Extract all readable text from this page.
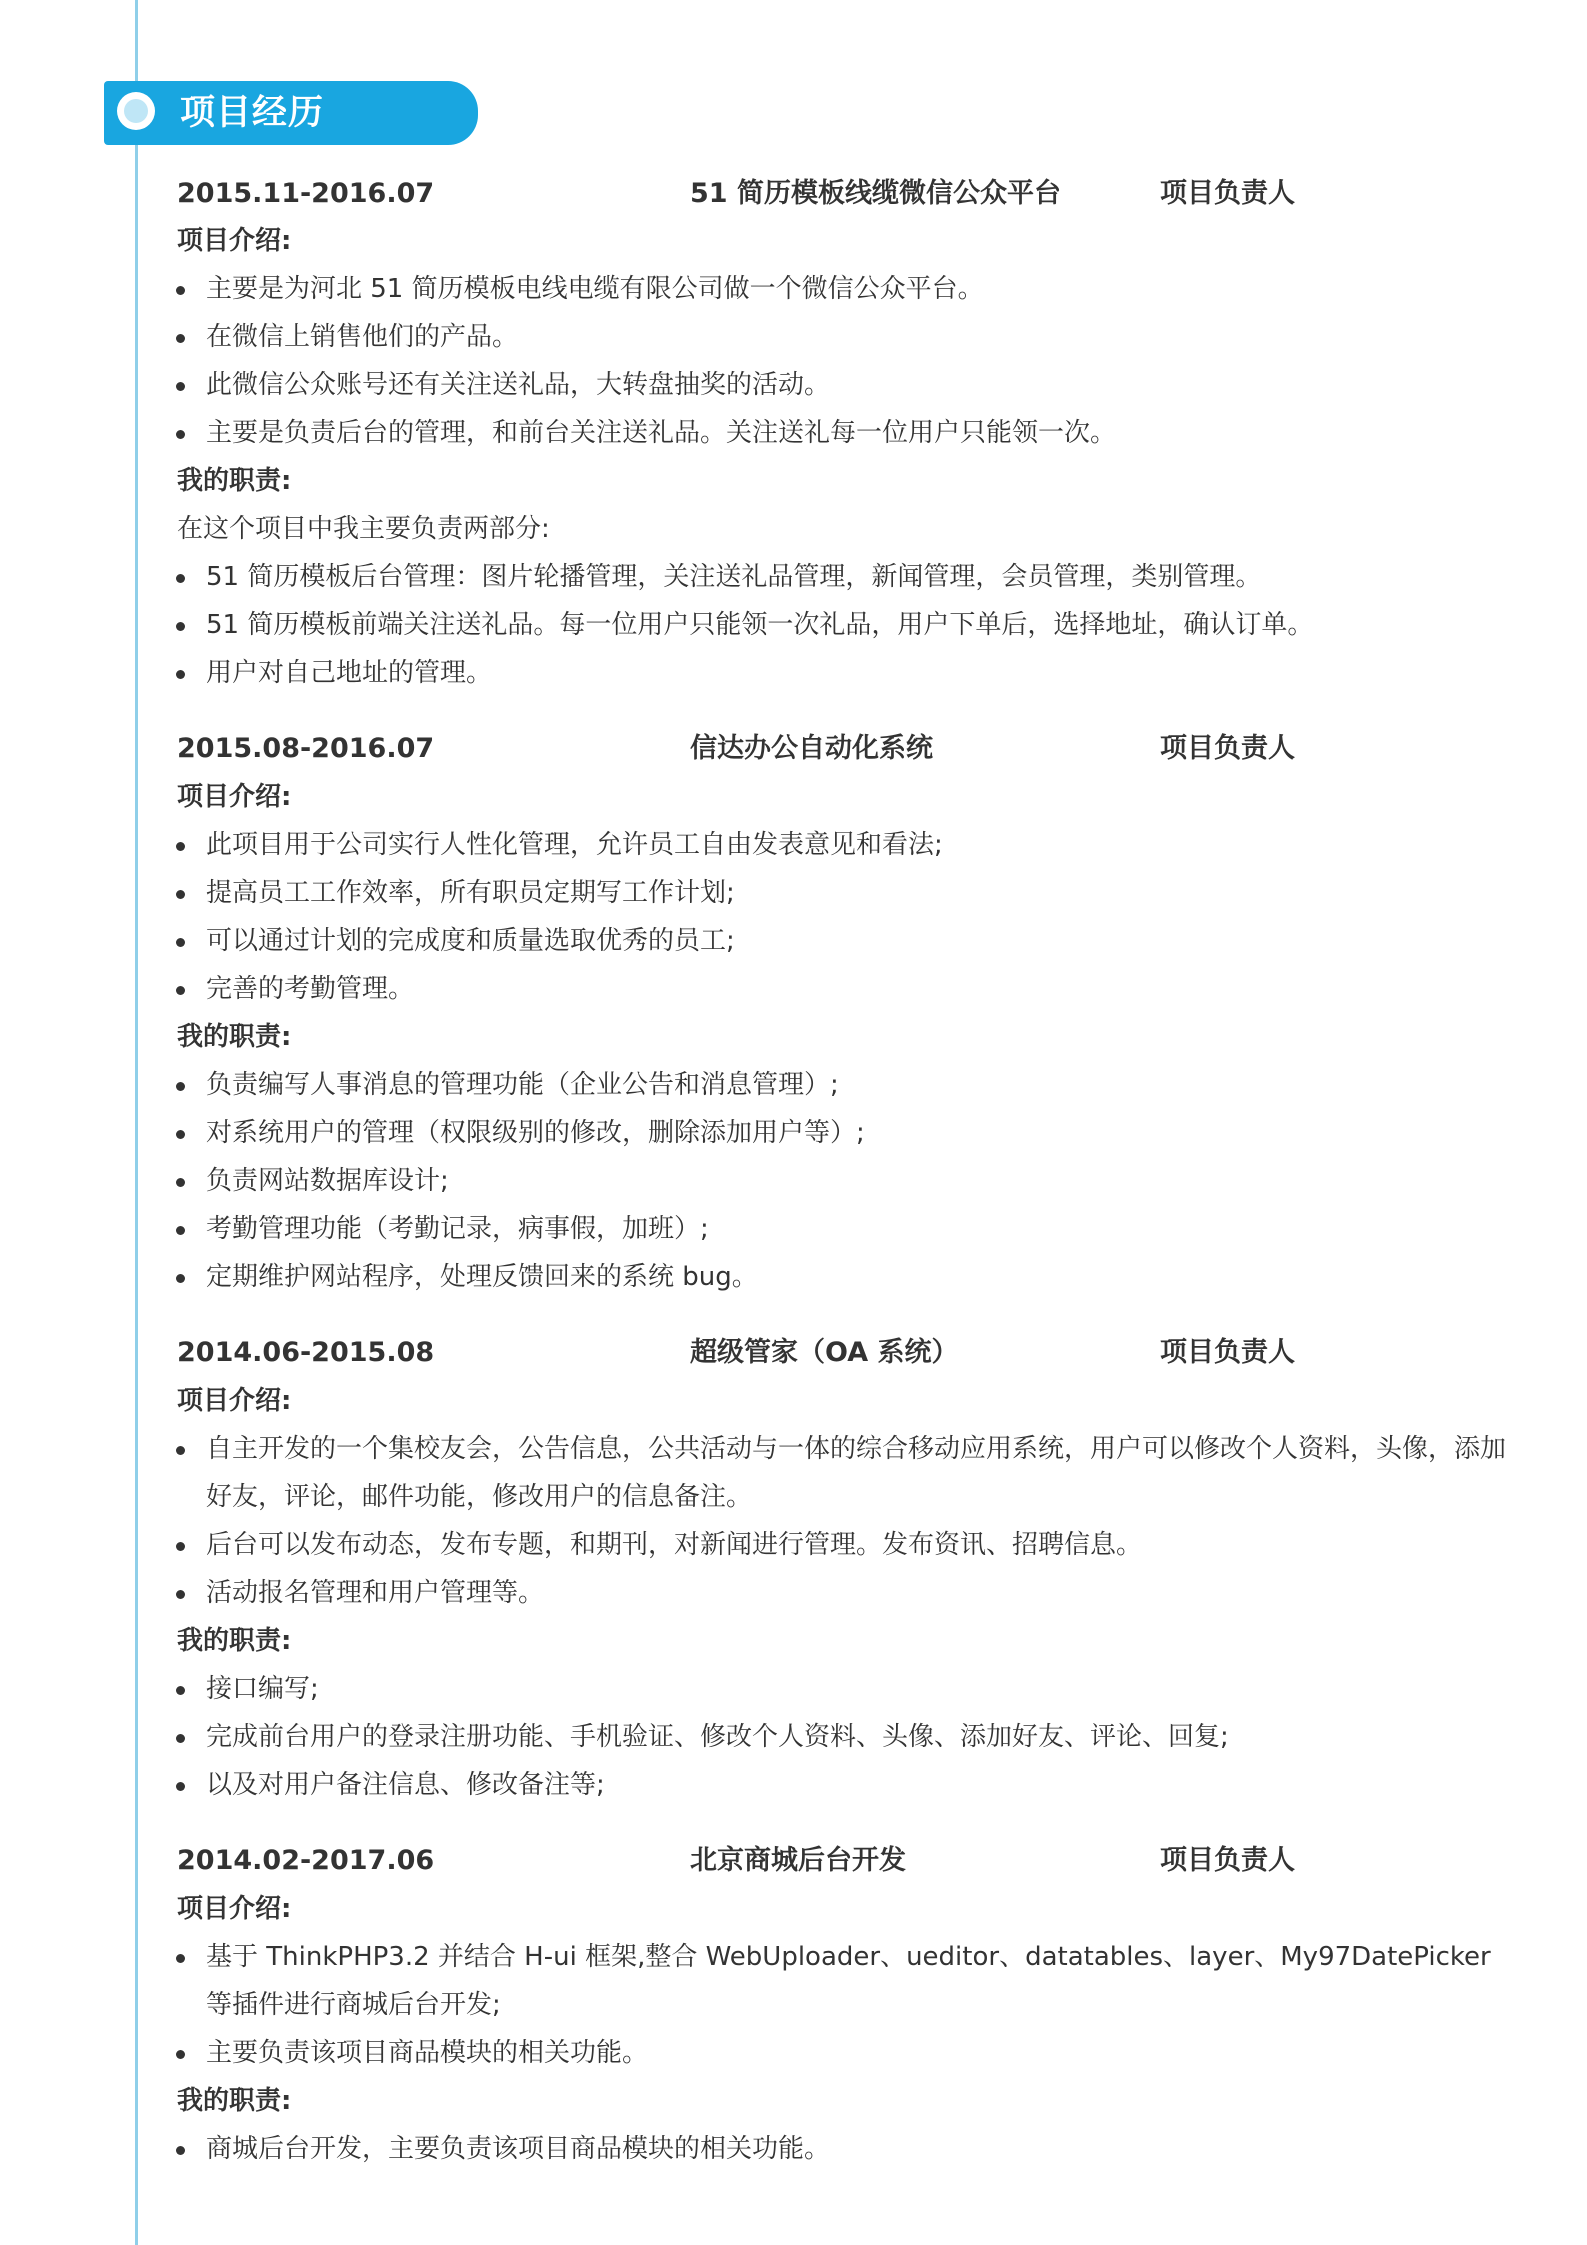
项目经历
2015.11-2016.07	51 简历模板线缆微信公众平台	项目负责人
项目介绍:
主要是为河北 51 简历模板电线电缆有限公司做一个微信公众平台。
在微信上销售他们的产品。
此微信公众账号还有关注送礼品，大转盘抽奖的活动。
主要是负责后台的管理，和前台关注送礼品。关注送礼每一位用户只能领一次。
我的职责:
在这个项目中我主要负责两部分:
51 简历模板后台管理：图片轮播管理，关注送礼品管理，新闻管理，会员管理，类别管理。
51 简历模板前端关注送礼品。每一位用户只能领一次礼品，用户下单后，选择地址，确认订单。
用户对自己地址的管理。
2015.08-2016.07	信达办公自动化系统	项目负责人
项目介绍:
此项目用于公司实行人性化管理，允许员工自由发表意见和看法;
提高员工工作效率，所有职员定期写工作计划;
可以通过计划的完成度和质量选取优秀的员工;
完善的考勤管理。
我的职责:
负责编写人事消息的管理功能（企业公告和消息管理）;
对系统用户的管理（权限级别的修改，删除添加用户等）;
负责网站数据库设计;
考勤管理功能（考勤记录，病事假，加班）;
定期维护网站程序，处理反馈回来的系统 bug。
2014.06-2015.08	超级管家（OA 系统）	项目负责人
项目介绍:
自主开发的一个集校友会，公告信息，公共活动与一体的综合移动应用系统，用户可以修改个人资料，头像，添加好友，评论，邮件功能，修改用户的信息备注。
后台可以发布动态，发布专题，和期刊，对新闻进行管理。发布资讯、招聘信息。
活动报名管理和用户管理等。
我的职责:
接口编写;
完成前台用户的登录注册功能、手机验证、修改个人资料、头像、添加好友、评论、回复;
以及对用户备注信息、修改备注等;
2014.02-2017.06	北京商城后台开发	项目负责人
项目介绍:
基于 ThinkPHP3.2 并结合 H-ui 框架,整合 WebUploader、ueditor、datatables、layer、My97DatePicker 等插件进行商城后台开发;
主要负责该项目商品模块的相关功能。
我的职责:
商城后台开发，主要负责该项目商品模块的相关功能。
